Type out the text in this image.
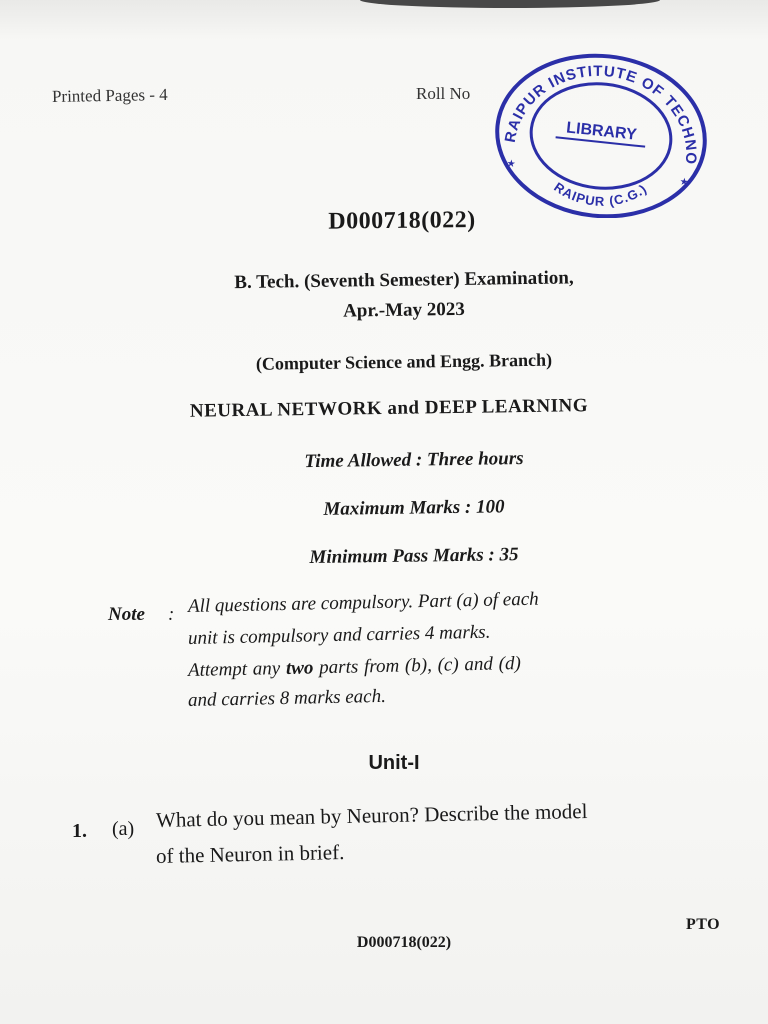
Printed Pages - 4	Roll No
RAIPUR INSTITUTE OF TECHNOLOGY
RAIPUR (C.G.)
LIBRARY
★
★
D000718(022)
B. Tech. (Seventh Semester) Examination,
Apr.-May 2023
(Computer Science and Engg. Branch)
NEURAL NETWORK and DEEP LEARNING
Time Allowed : Three hours
Maximum Marks : 100
Minimum Pass Marks : 35
Note : All questions are compulsory. Part (a) of each
unit is compulsory and carries 4 marks.
Attempt any two parts from (b), (c) and (d)
and carries 8 marks each.
Unit-I
1. (a) What do you mean by Neuron? Describe the model
of the Neuron in brief.
PTO
D000718(022)
